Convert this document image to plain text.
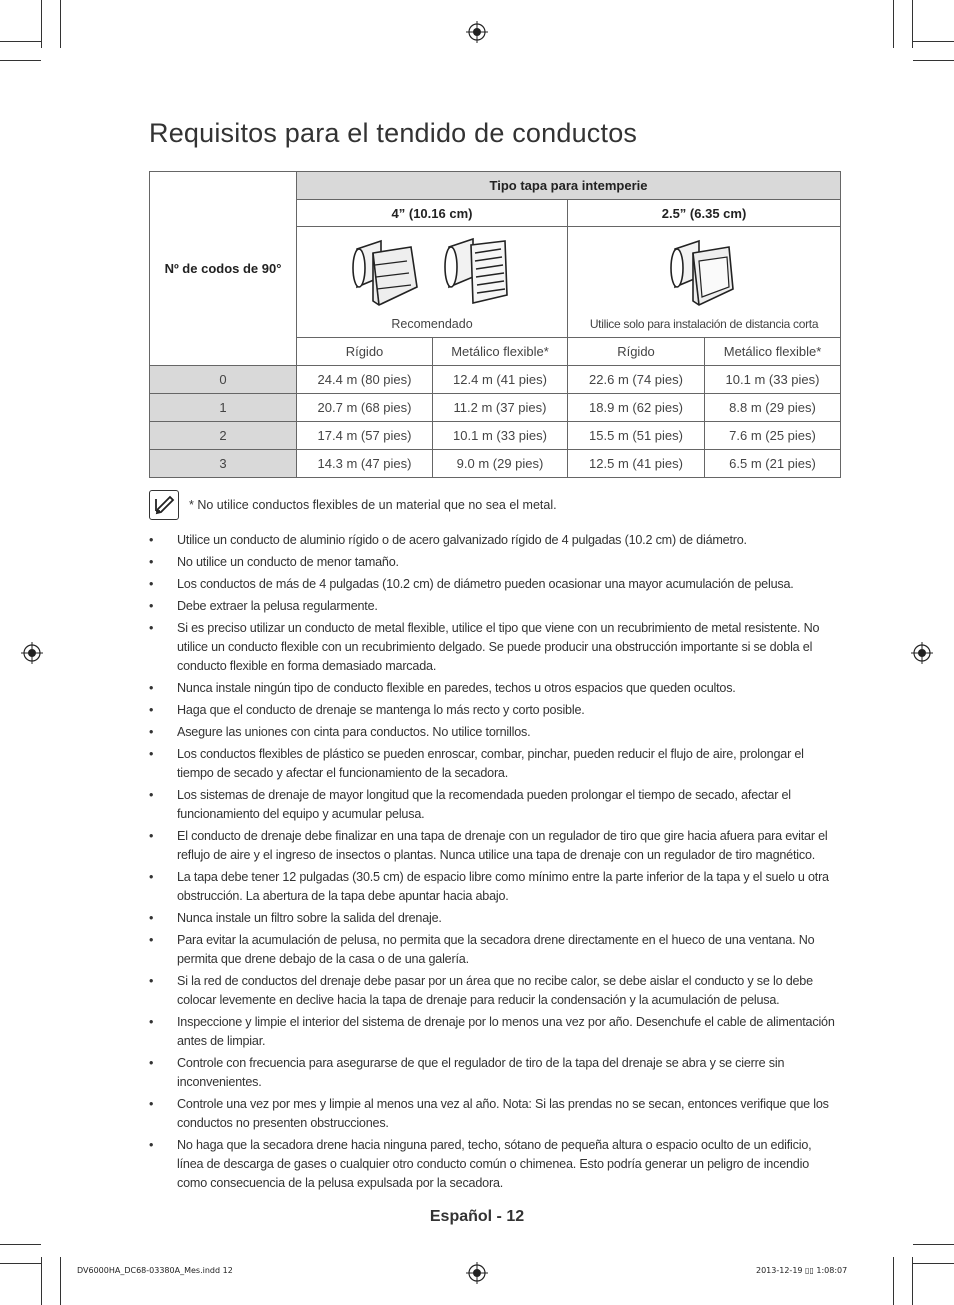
Requisitos para el tendido de conductos
Nº de codos de 90°	Tipo tapa para intemperie			
	4” (10.16 cm)		2.5” (6.35 cm)	

	Recomendado		Utilice solo para instalación de distancia corta	

	Rígido	Metálico flexible*	Rígido	Metálico flexible*
0	24.4 m (80 pies)	12.4 m (41 pies)	22.6 m (74 pies)	10.1 m (33 pies)
1	20.7 m (68 pies)	11.2 m (37 pies)	18.9 m (62 pies)	8.8 m (29 pies)
2	17.4 m (57 pies)	10.1 m (33 pies)	15.5 m (51 pies)	7.6 m (25 pies)
3	14.3 m (47 pies)	9.0 m (29 pies)	12.5 m (41 pies)	6.5 m (21 pies)
* No utilice conductos flexibles de un material que no sea el metal.
• Utilice un conducto de aluminio rígido o de acero galvanizado rígido de 4 pulgadas (10.2 cm) de diámetro.
• No utilice un conducto de menor tamaño.
• Los conductos de más de 4 pulgadas (10.2 cm) de diámetro pueden ocasionar una mayor acumulación de pelusa.
• Debe extraer la pelusa regularmente.
• Si es preciso utilizar un conducto de metal flexible, utilice el tipo que viene con un recubrimiento de metal resistente. No utilice un conducto flexible con un recubrimiento delgado. Se puede producir una obstrucción importante si se dobla el conducto flexible en forma demasiado marcada.
• Nunca instale ningún tipo de conducto flexible en paredes, techos u otros espacios que queden ocultos.
• Haga que el conducto de drenaje se mantenga lo más recto y corto posible.
• Asegure las uniones con cinta para conductos. No utilice tornillos.
• Los conductos flexibles de plástico se pueden enroscar, combar, pinchar, pueden reducir el flujo de aire, prolongar el tiempo de secado y afectar el funcionamiento de la secadora.
• Los sistemas de drenaje de mayor longitud que la recomendada pueden prolongar el tiempo de secado, afectar el funcionamiento del equipo y acumular pelusa.
• El conducto de drenaje debe finalizar en una tapa de drenaje con un regulador de tiro que gire hacia afuera para evitar el reflujo de aire y el ingreso de insectos o plantas. Nunca utilice una tapa de drenaje con un regulador de tiro magnético.
• La tapa debe tener 12 pulgadas (30.5 cm) de espacio libre como mínimo entre la parte inferior de la tapa y el suelo u otra obstrucción. La abertura de la tapa debe apuntar hacia abajo.
• Nunca instale un filtro sobre la salida del drenaje.
• Para evitar la acumulación de pelusa, no permita que la secadora drene directamente en el hueco de una ventana. No permita que drene debajo de la casa o de una galería.
• Si la red de conductos del drenaje debe pasar por un área que no recibe calor, se debe aislar el conducto y se lo debe colocar levemente en declive hacia la tapa de drenaje para reducir la condensación y la acumulación de pelusa.
• Inspeccione y limpie el interior del sistema de drenaje por lo menos una vez por año. Desenchufe el cable de alimentación antes de limpiar.
• Controle con frecuencia para asegurarse de que el regulador de tiro de la tapa del drenaje se abra y se cierre sin inconvenientes.
• Controle una vez por mes y limpie al menos una vez al año. Nota: Si las prendas no se secan, entonces verifique que los conductos no presenten obstrucciones.
• No haga que la secadora drene hacia ninguna pared, techo, sótano de pequeña altura o espacio oculto de un edificio, línea de descarga de gases o cualquier otro conducto común o chimenea. Esto podría generar un peligro de incendio como consecuencia de la pelusa expulsada por la secadora.
Español - 12
DV6000HA_DC68-03380A_Mes.indd 12	2013-12-19 ▯▯ 1:08:07
